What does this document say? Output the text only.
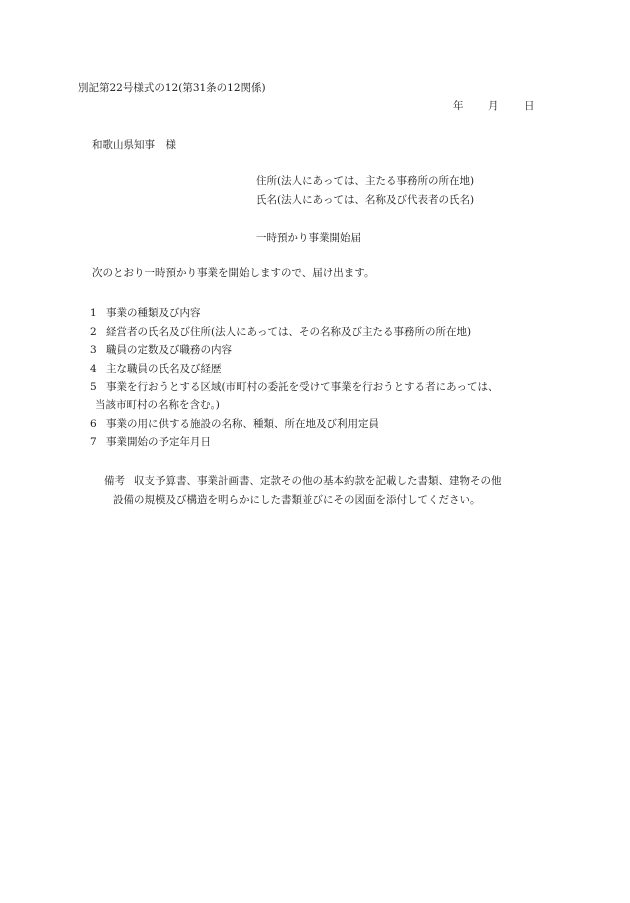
別記第22号様式の12(第31条の12関係)
年 月 日
和歌山県知事　様
住所(法人にあっては、主たる事務所の所在地)
氏名(法人にあっては、名称及び代表者の氏名)
一時預かり事業開始届
次のとおり一時預かり事業を開始しますので、届け出ます。
1 事業の種類及び内容
2 経営者の氏名及び住所(法人にあっては、その名称及び主たる事務所の所在地)
3 職員の定数及び職務の内容
4 主な職員の氏名及び経歴
5 事業を行おうとする区域(市町村の委託を受けて事業を行おうとする者にあっては、
当該市町村の名称を含む。)
6 事業の用に供する施設の名称、種類、所在地及び利用定員
7 事業開始の予定年月日
備考 収支予算書、事業計画書、定款その他の基本約款を記載した書類、建物その他
設備の規模及び構造を明らかにした書類並びにその図面を添付してください。
